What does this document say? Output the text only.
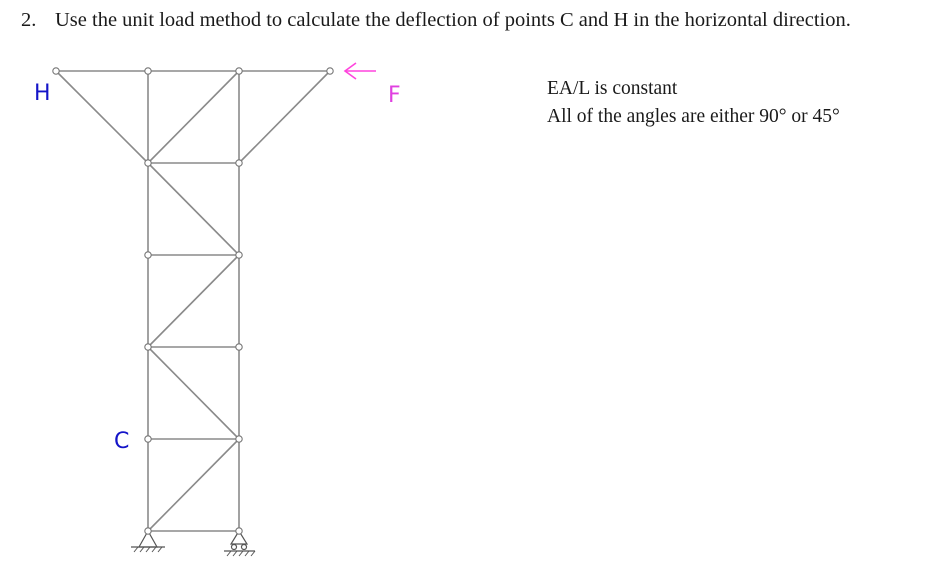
2. Use the unit load method to calculate the deflection of points C and H in the horizontal direction.
EA/L is constant
All of the angles are either 90° or 45°
H
C
F
